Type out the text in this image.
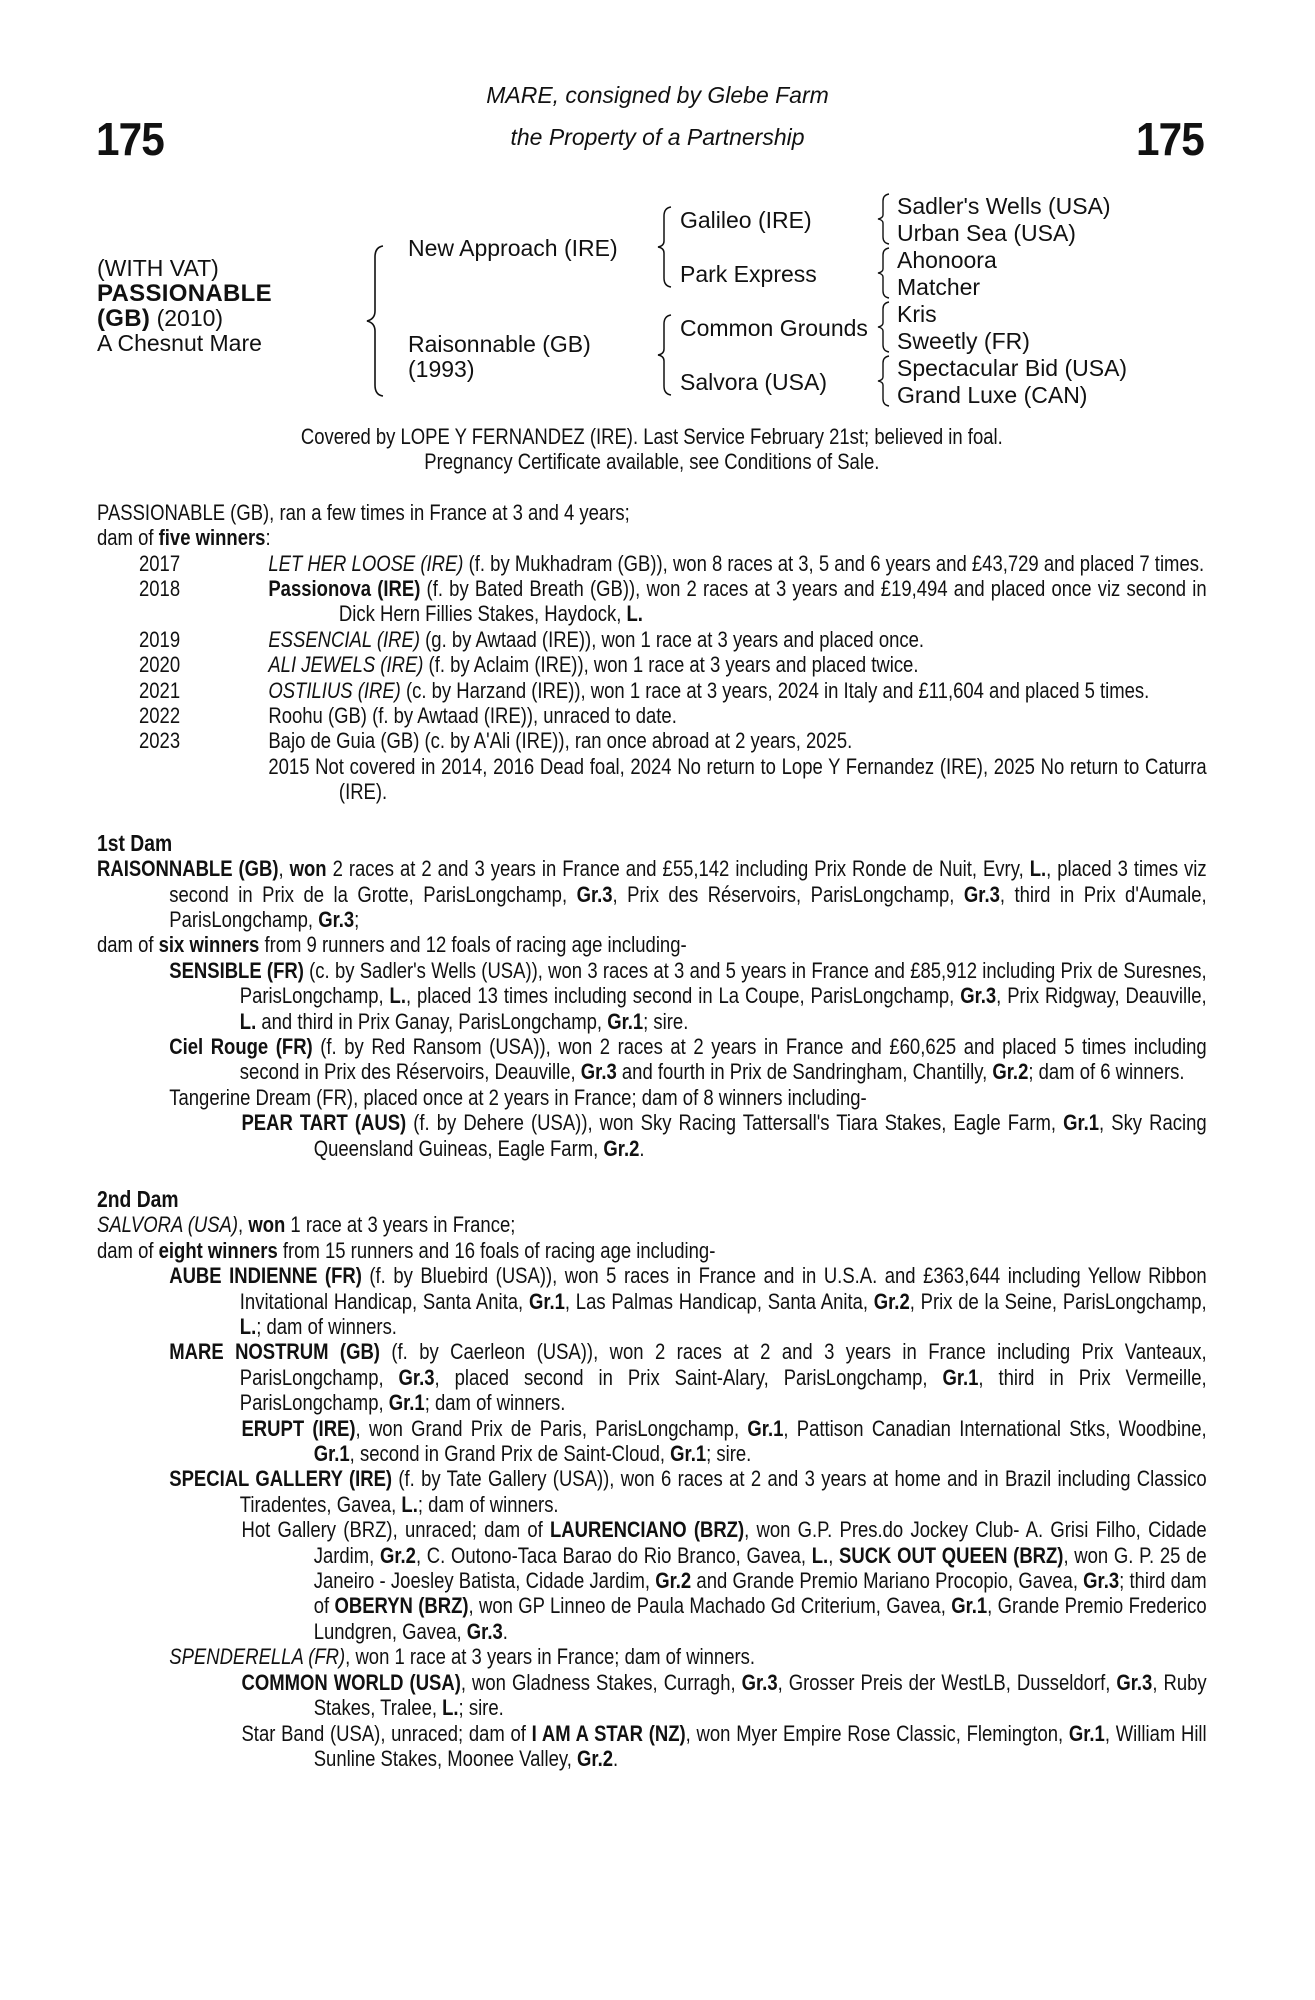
175	175
MARE, consigned by Glebe Farm
the Property of a Partnership
(WITH VAT)
PASSIONABLE
(GB) (2010)
A Chesnut Mare
New Approach (IRE)
Raisonnable (GB)
(1993)
Galileo (IRE)
Park Express
Common Grounds
Salvora (USA)
Sadler's Wells (USA)
Urban Sea (USA)
Ahonoora
Matcher
Kris
Sweetly (FR)
Spectacular Bid (USA)
Grand Luxe (CAN)

Covered by LOPE Y FERNANDEZ (IRE). Last Service February 21st; believed in foal.

Pregnancy Certificate available, see Conditions of Sale.

PASSIONABLE (GB), ran a few times in France at 3 and 4 years;

dam of five winners:

2017	LET HER LOOSE (IRE) (f. by Mukhadram (GB)), won 8 races at 3, 5 and 6 years and £43,729 and placed 7 times.
2018	Passionova (IRE) (f. by Bated Breath (GB)), won 2 races at 3 years and £19,494 and placed once viz second in Dick Hern Fillies Stakes, Haydock, L.
2019	ESSENCIAL (IRE) (g. by Awtaad (IRE)), won 1 race at 3 years and placed once.
2020	ALI JEWELS (IRE) (f. by Aclaim (IRE)), won 1 race at 3 years and placed twice.
2021	OSTILIUS (IRE) (c. by Harzand (IRE)), won 1 race at 3 years, 2024 in Italy and £11,604 and placed 5 times.
2022	Roohu (GB) (f. by Awtaad (IRE)), unraced to date.
2023	Bajo de Guia (GB) (c. by A'Ali (IRE)), ran once abroad at 2 years, 2025.
2015 Not covered in 2014, 2016 Dead foal, 2024 No return to Lope Y Fernandez (IRE), 2025 No return to Caturra (IRE).

1st Dam

RAISONNABLE (GB), won 2 races at 2 and 3 years in France and £55,142 including Prix Ronde de Nuit, Evry, L., placed 3 times viz second in Prix de la Grotte, ParisLongchamp, Gr.3, Prix des Réservoirs, ParisLongchamp, Gr.3, third in Prix d'Aumale, ParisLongchamp, Gr.3;

dam of six winners from 9 runners and 12 foals of racing age including-

SENSIBLE (FR) (c. by Sadler's Wells (USA)), won 3 races at 3 and 5 years in France and £85,912 including Prix de Suresnes, ParisLongchamp, L., placed 13 times including second in La Coupe, ParisLongchamp, Gr.3, Prix Ridgway, Deauville, L. and third in Prix Ganay, ParisLongchamp, Gr.1; sire.

Ciel Rouge (FR) (f. by Red Ransom (USA)), won 2 races at 2 years in France and £60,625 and placed 5 times including second in Prix des Réservoirs, Deauville, Gr.3 and fourth in Prix de Sandringham, Chantilly, Gr.2; dam of 6 winners.

Tangerine Dream (FR), placed once at 2 years in France; dam of 8 winners including-

PEAR TART (AUS) (f. by Dehere (USA)), won Sky Racing Tattersall's Tiara Stakes, Eagle Farm, Gr.1, Sky Racing Queensland Guineas, Eagle Farm, Gr.2.

2nd Dam

SALVORA (USA), won 1 race at 3 years in France;

dam of eight winners from 15 runners and 16 foals of racing age including-

AUBE INDIENNE (FR) (f. by Bluebird (USA)), won 5 races in France and in U.S.A. and £363,644 including Yellow Ribbon Invitational Handicap, Santa Anita, Gr.1, Las Palmas Handicap, Santa Anita, Gr.2, Prix de la Seine, ParisLongchamp, L.; dam of winners.

MARE NOSTRUM (GB) (f. by Caerleon (USA)), won 2 races at 2 and 3 years in France including Prix Vanteaux, ParisLongchamp, Gr.3, placed second in Prix Saint-Alary, ParisLongchamp, Gr.1, third in Prix Vermeille, ParisLongchamp, Gr.1; dam of winners.

ERUPT (IRE), won Grand Prix de Paris, ParisLongchamp, Gr.1, Pattison Canadian International Stks, Woodbine, Gr.1, second in Grand Prix de Saint-Cloud, Gr.1; sire.

SPECIAL GALLERY (IRE) (f. by Tate Gallery (USA)), won 6 races at 2 and 3 years at home and in Brazil including Classico Tiradentes, Gavea, L.; dam of winners.

Hot Gallery (BRZ), unraced; dam of LAURENCIANO (BRZ), won G.P. Pres.do Jockey Club- A. Grisi Filho, Cidade Jardim, Gr.2, C. Outono-Taca Barao do Rio Branco, Gavea, L., SUCK OUT QUEEN (BRZ), won G. P. 25 de Janeiro - Joesley Batista, Cidade Jardim, Gr.2 and Grande Premio Mariano Procopio, Gavea, Gr.3; third dam of OBERYN (BRZ), won GP Linneo de Paula Machado Gd Criterium, Gavea, Gr.1, Grande Premio Frederico Lundgren, Gavea, Gr.3.

SPENDERELLA (FR), won 1 race at 3 years in France; dam of winners.

COMMON WORLD (USA), won Gladness Stakes, Curragh, Gr.3, Grosser Preis der WestLB, Dusseldorf, Gr.3, Ruby Stakes, Tralee, L.; sire.

Star Band (USA), unraced; dam of I AM A STAR (NZ), won Myer Empire Rose Classic, Flemington, Gr.1, William Hill Sunline Stakes, Moonee Valley, Gr.2.
